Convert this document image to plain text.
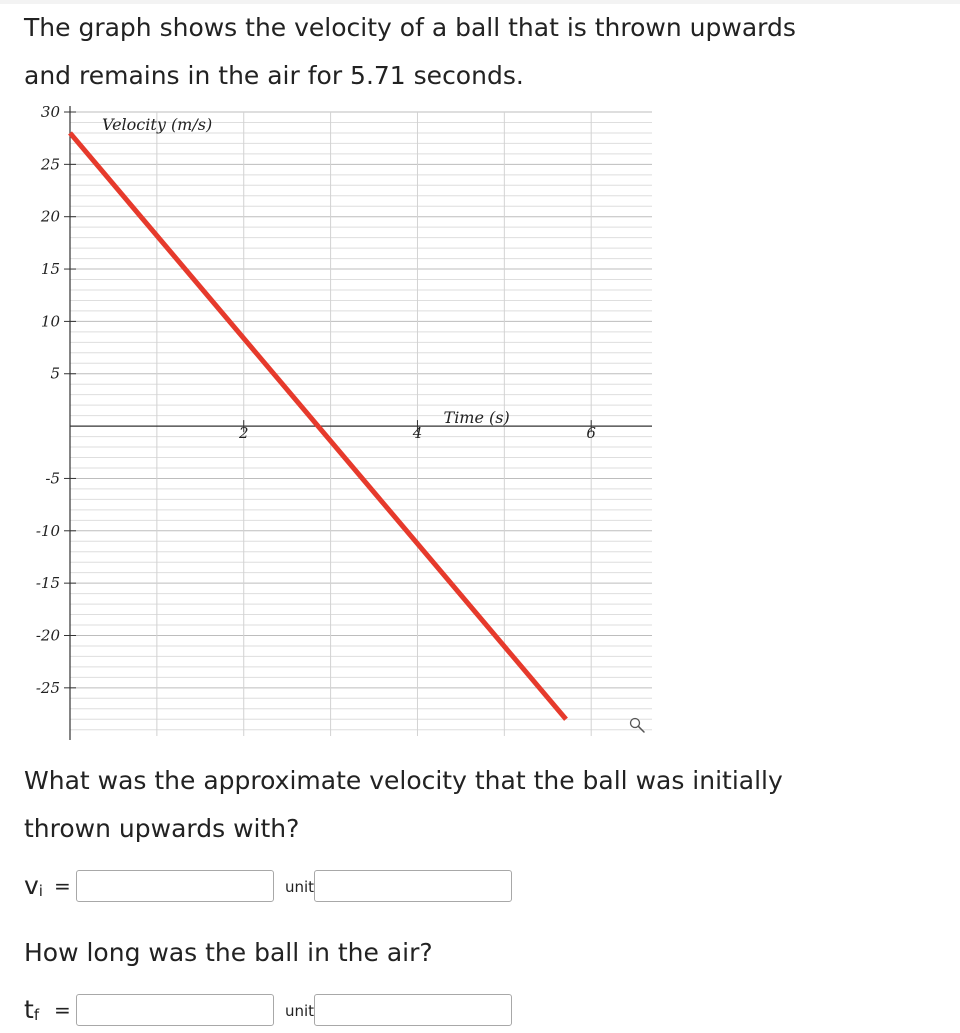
The graph shows the velocity of a ball that is thrown upwards
and remains in the air for 5.71 seconds.

30
25
20
15
10
5
-5
-10
-15
-20
-25
2	4	6
Velocity (m/s)
Time (s)

What was the approximate velocity that the ball was initially
thrown upwards with?

$v_i$ =	unit

How long was the ball in the air?

$t_f$ =	unit
